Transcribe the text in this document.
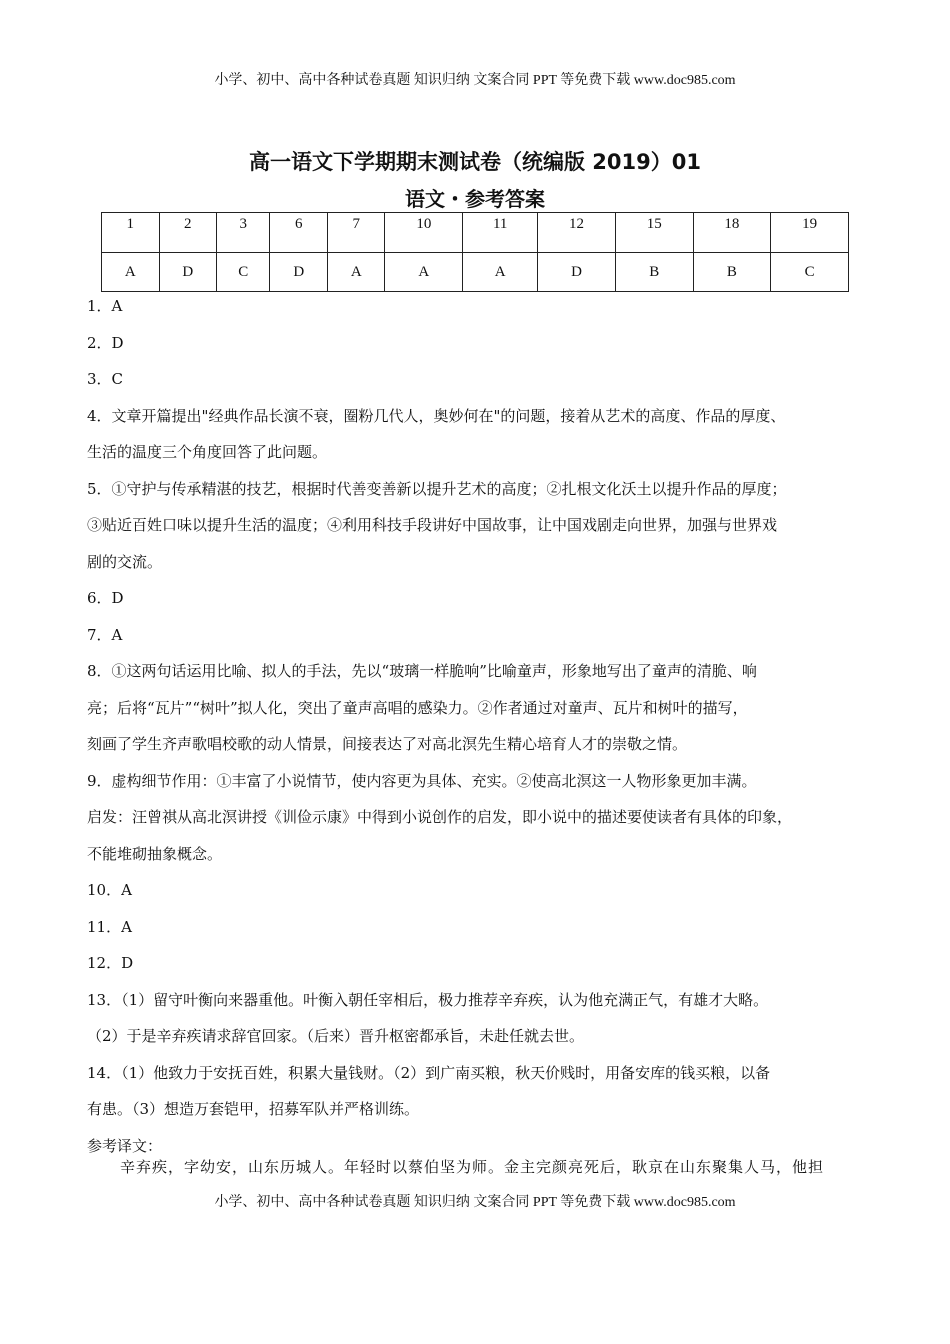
小学、初中、高中各种试卷真题 知识归纳 文案合同 PPT 等免费下载 www.doc985.com
高一语文下学期期末测试卷（统编版 2019）01
语文・参考答案
1	2	3	6	7	10	11	12	15	18	19
A	D	C	D	A	A	A	D	B	B	C

1．A

2．D

3．C

4．文章开篇提出"经典作品长演不衰，圈粉几代人，奥妙何在"的问题，接着从艺术的高度、作品的厚度、

生活的温度三个角度回答了此问题。

5．①守护与传承精湛的技艺，根据时代善变善新以提升艺术的高度；②扎根文化沃土以提升作品的厚度；

③贴近百姓口味以提升生活的温度；④利用科技手段讲好中国故事，让中国戏剧走向世界，加强与世界戏

剧的交流。

6．D

7．A

8．①这两句话运用比喻、拟人的手法，先以“玻璃一样脆响”比喻童声，形象地写出了童声的清脆、响

亮；后将“瓦片”“树叶”拟人化，突出了童声高唱的感染力。②作者通过对童声、瓦片和树叶的描写，

刻画了学生齐声歌唱校歌的动人情景，间接表达了对高北溟先生精心培育人才的崇敬之情。

9．虚构细节作用：①丰富了小说情节，使内容更为具体、充实。②使高北溟这一人物形象更加丰满。

启发：汪曾祺从高北溟讲授《训俭示康》中得到小说创作的启发，即小说中的描述要使读者有具体的印象，

不能堆砌抽象概念。

10．A

11．A

12．D

13．（1）留守叶衡向来器重他。叶衡入朝任宰相后，极力推荐辛弃疾，认为他充满正气，有雄才大略。

（2）于是辛弃疾请求辞官回家。（后来）晋升枢密都承旨，未赴任就去世。

14．（1）他致力于安抚百姓，积累大量钱财。（2）到广南买粮，秋天价贱时，用备安库的钱买粮，以备

有患。（3）想造万套铠甲，招募军队并严格训练。

参考译文：

辛弃疾，字幼安，山东历城人。年轻时以蔡伯坚为师。金主完颜亮死后，耿京在山东聚集人马，他担
小学、初中、高中各种试卷真题 知识归纳 文案合同 PPT 等免费下载 www.doc985.com
